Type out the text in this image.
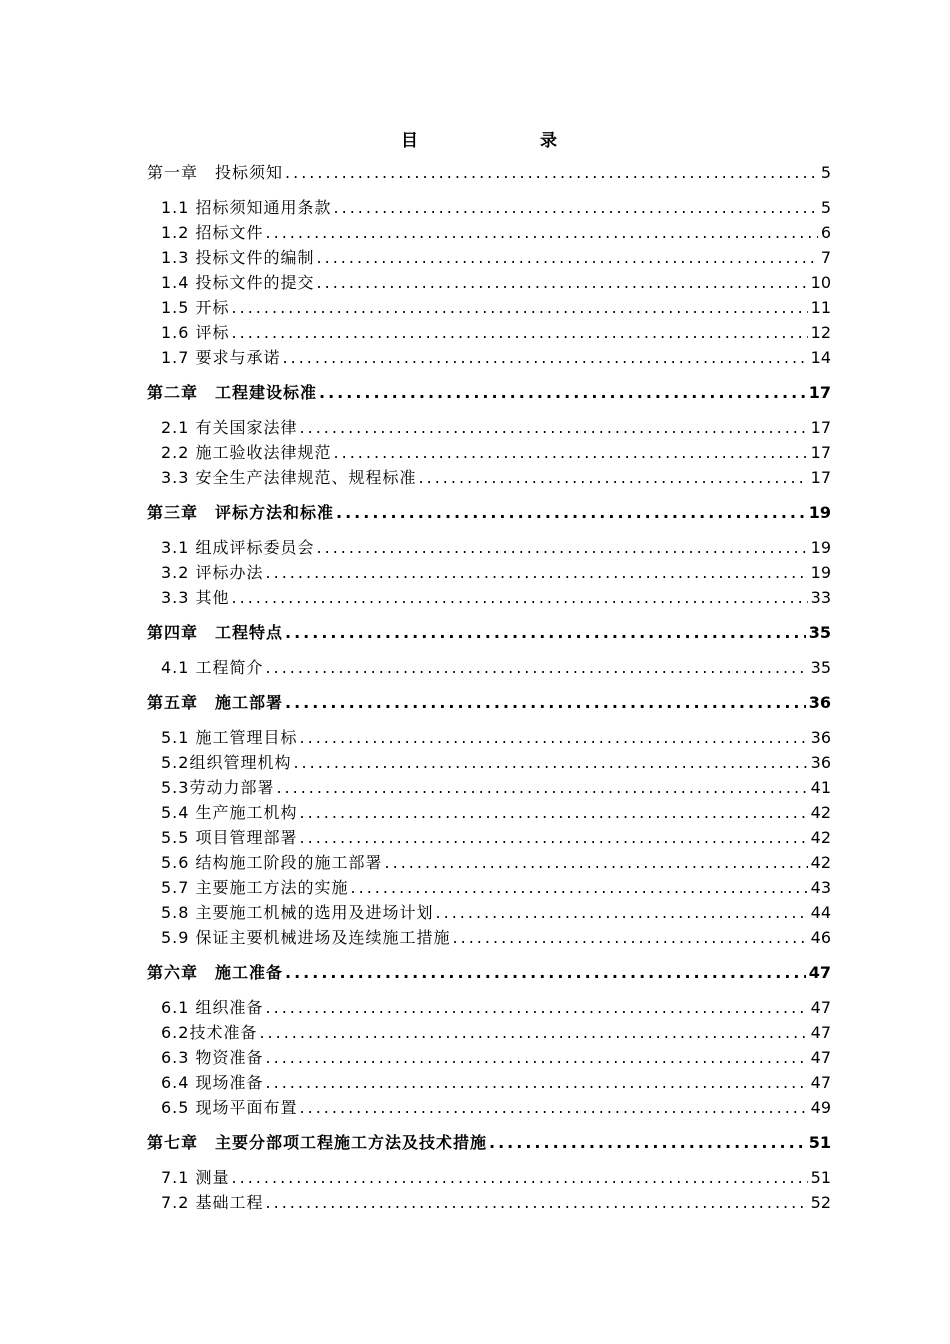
目 录
第一章　投标须知 .....	5
1.1 招标须知通用条款 .....	5
1.2 招标文件 .....	6
1.3 投标文件的编制 .....	7
1.4 投标文件的提交 .....	10
1.5 开标 .....	11
1.6 评标 .....	12
1.7 要求与承诺 .....	14
第二章　工程建设标准 .....	17
2.1 有关国家法律 .....	17
2.2 施工验收法律规范 .....	17
3.3 安全生产法律规范、规程标准 .....	17
第三章　评标方法和标准 .....	19
3.1 组成评标委员会 .....	19
3.2 评标办法 .....	19
3.3 其他 .....	33
第四章　工程特点 .....	35
4.1 工程简介 .....	35
第五章　施工部署 .....	36
5.1 施工管理目标 .....	36
5.2组织管理机构 .....	36
5.3劳动力部署 .....	41
5.4 生产施工机构 .....	42
5.5 项目管理部署 .....	42
5.6 结构施工阶段的施工部署 .....	42
5.7 主要施工方法的实施 .....	43
5.8 主要施工机械的选用及进场计划 .....	44
5.9 保证主要机械进场及连续施工措施 .....	46
第六章　施工准备 .....	47
6.1 组织准备 .....	47
6.2技术准备 .....	47
6.3 物资准备 .....	47
6.4 现场准备 .....	47
6.5 现场平面布置 .....	49
第七章　主要分部项工程施工方法及技术措施 .....	51
7.1 测量 .....	51
7.2 基础工程 .....	52
